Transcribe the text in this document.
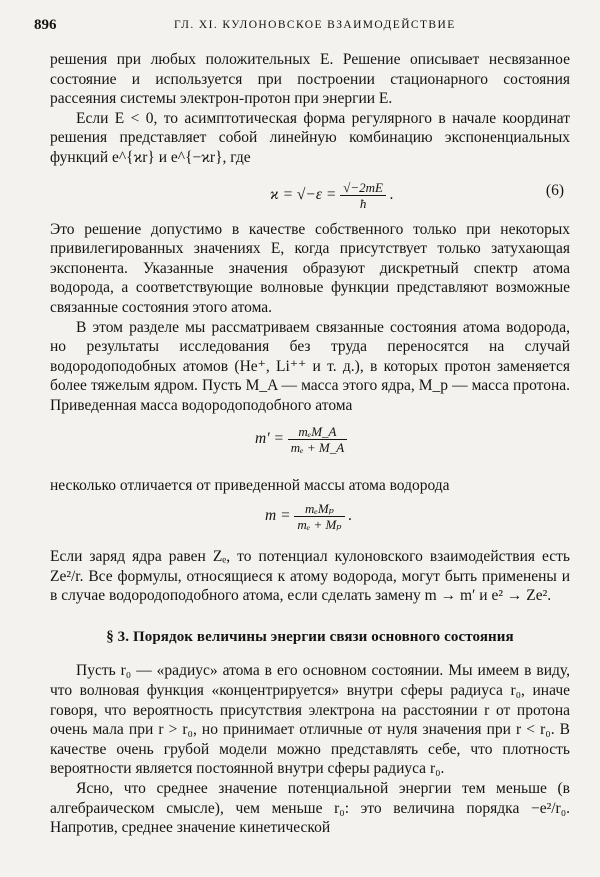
896	ГЛ. XI. КУЛОНОВСКОЕ ВЗАИМОДЕЙСТВИЕ

решения при любых положительных E. Решение описывает несвязанное состояние и используется при построении стационарного состояния рассеяния системы электрон-протон при энергии E.

Если E < 0, то асимптотическая форма регулярного в начале координат решения представляет собой линейную комбинацию экспоненциальных функций e^{ϰr} и e^{−ϰr}, где

$ϰ = √-\varepsilon = \frac{√-2mE}{ħ}$ .	(6)

Это решение допустимо в качестве собственного только при некоторых привилегированных значениях E, когда присутствует только затухающая экспонента. Указанные значения образуют дискретный спектр атома водорода, а соответствующие волновые функции представляют возможные связанные состояния этого атома.

В этом разделе мы рассматриваем связанные состояния атома водорода, но результаты исследования без труда переносятся на случай водородоподобных атомов (He⁺, Li⁺⁺ и т. д.), в которых протон заменяется более тяжелым ядром. Пусть M_A — масса этого ядра, M_p — масса протона. Приведенная масса водородоподобного атома

$m' = \frac{\text{mₑM\_A}}{\text{mₑ + M\_A}}$

несколько отличается от приведенной массы атома водорода

$m = \frac{\text{mₑMₚ}}{\text{mₑ + Mₚ}}$ .

Если заряд ядра равен Zₑ, то потенциал кулоновского взаимодействия есть Ze²/r. Все формулы, относящиеся к атому водорода, могут быть применены и в случае водородоподобного атома, если сделать замену m → m′ и e² → Ze².

§ 3. Порядок величины энергии связи основного состояния

Пусть r₀ — «радиус» атома в его основном состоянии. Мы имеем в виду, что волновая функция «концентрируется» внутри сферы радиуса r₀, иначе говоря, что вероятность присутствия электрона на расстоянии r от протона очень мала при r > r₀, но принимает отличные от нуля значения при r < r₀. В качестве очень грубой модели можно представлять себе, что плотность вероятности является постоянной внутри сферы радиуса r₀.

Ясно, что среднее значение потенциальной энергии тем меньше (в алгебраическом смысле), чем меньше r₀: это величина порядка −e²/r₀. Напротив, среднее значение кинетической
